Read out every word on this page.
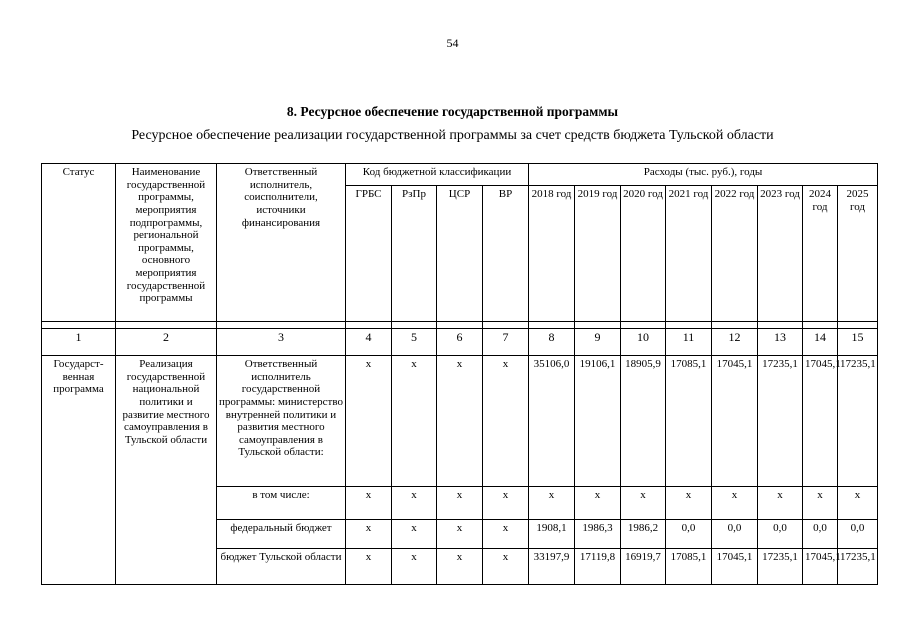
54
8. Ресурсное обеспечение государственной программы
Ресурсное обеспечение реализации государственной программы за счет средств бюджета Тульской области
Статус	Наименование государственной программы, мероприятия подпрограммы, региональной программы, основного мероприятия государственной программы	Ответственный исполнитель, соисполнители, источники финансирования	Код бюджетной классификации				Расходы (тыс. руб.), годы							
			ГРБС	РзПр	ЦСР	ВР	2018 год	2019 год	2020 год	2021 год	2022 год	2023 год	2024 год	2025 год

1	2	3	4	5	6	7	8	9	10	11	12	13	14	15
Государст-венная программа	Реализация государственной национальной политики и развитие местного самоуправления в Тульской области	Ответственный исполнитель государственной программы: министерство внутренней политики и развития местного самоуправления в Тульской области:	x	x	x	x	35106,0	19106,1	18905,9	17085,1	17045,1	17235,1	17045,1	17235,1
		в том числе:	x	x	x	x	x	x	x	x	x	x	x	x
		федеральный бюджет	x	x	x	x	1908,1	1986,3	1986,2	0,0	0,0	0,0	0,0	0,0
		бюджет Тульской области	x	x	x	x	33197,9	17119,8	16919,7	17085,1	17045,1	17235,1	17045,1	17235,1
